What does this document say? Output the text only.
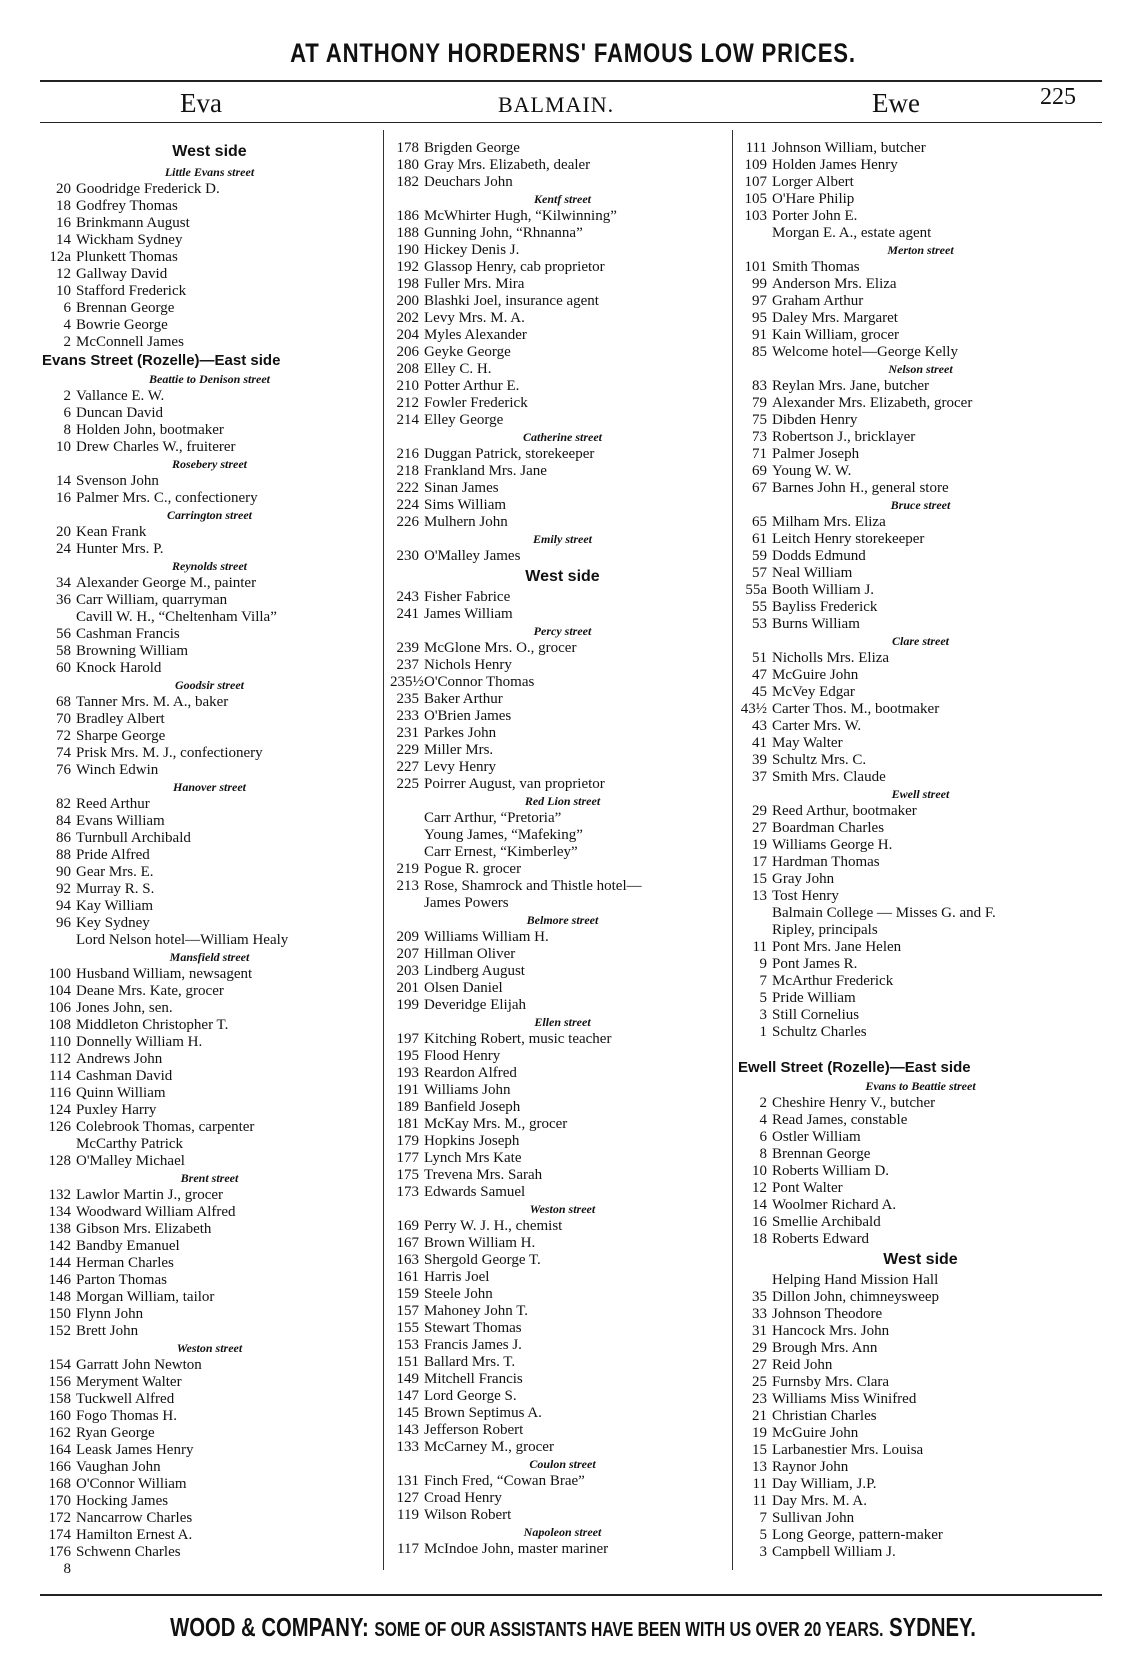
AT ANTHONY HORDERNS' FAMOUS LOW PRICES.
Eva	BALMAIN.	Ewe	225
West side
Little Evans street
20 Goodridge Frederick D.
18 Godfrey Thomas
16 Brinkmann August
14 Wickham Sydney
12a Plunkett Thomas
12 Gallway David
10 Stafford Frederick
6 Brennan George
4 Bowrie George
2 McConnell James
Evans Street (Rozelle)—East side
Beattie to Denison street
2 Vallance E. W.
6 Duncan David
8 Holden John, bootmaker
10 Drew Charles W., fruiterer
Rosebery street
14 Svenson John
16 Palmer Mrs. C., confectionery
Carrington street
20 Kean Frank
24 Hunter Mrs. P.
Reynolds street
34 Alexander George M., painter
36 Carr William, quarryman
Cavill W. H., “Cheltenham Villa”
56 Cashman Francis
58 Browning William
60 Knock Harold
Goodsir street
68 Tanner Mrs. M. A., baker
70 Bradley Albert
72 Sharpe George
74 Prisk Mrs. M. J., confectionery
76 Winch Edwin
Hanover street
82 Reed Arthur
84 Evans William
86 Turnbull Archibald
88 Pride Alfred
90 Gear Mrs. E.
92 Murray R. S.
94 Kay William
96 Key Sydney
Lord Nelson hotel—William Healy
Mansfield street
100 Husband William, newsagent
104 Deane Mrs. Kate, grocer
106 Jones John, sen.
108 Middleton Christopher T.
110 Donnelly William H.
112 Andrews John
114 Cashman David
116 Quinn William
124 Puxley Harry
126 Colebrook Thomas, carpenter
McCarthy Patrick
128 O'Malley Michael
Brent street
132 Lawlor Martin J., grocer
134 Woodward William Alfred
138 Gibson Mrs. Elizabeth
142 Bandby Emanuel
144 Herman Charles
146 Parton Thomas
148 Morgan William, tailor
150 Flynn John
152 Brett John
Weston street
154 Garratt John Newton
156 Meryment Walter
158 Tuckwell Alfred
160 Fogo Thomas H.
162 Ryan George
164 Leask James Henry
166 Vaughan John
168 O'Connor William
170 Hocking James
172 Nancarrow Charles
174 Hamilton Ernest A.
176 Schwenn Charles
8
178 Brigden George
180 Gray Mrs. Elizabeth, dealer
182 Deuchars John
Kentf street
186 McWhirter Hugh, “Kilwinning”
188 Gunning John, “Rhnanna”
190 Hickey Denis J.
192 Glassop Henry, cab proprietor
198 Fuller Mrs. Mira
200 Blashki Joel, insurance agent
202 Levy Mrs. M. A.
204 Myles Alexander
206 Geyke George
208 Elley C. H.
210 Potter Arthur E.
212 Fowler Frederick
214 Elley George
Catherine street
216 Duggan Patrick, storekeeper
218 Frankland Mrs. Jane
222 Sinan James
224 Sims William
226 Mulhern John
Emily street
230 O'Malley James
West side
243 Fisher Fabrice
241 James William
Percy street
239 McGlone Mrs. O., grocer
237 Nichols Henry
235½ O'Connor Thomas
235 Baker Arthur
233 O'Brien James
231 Parkes John
229 Miller Mrs.
227 Levy Henry
225 Poirrer August, van proprietor
Red Lion street
Carr Arthur, “Pretoria”
Young James, “Mafeking”
Carr Ernest, “Kimberley”
219 Pogue R. grocer
213 Rose, Shamrock and Thistle hotel—
James Powers
Belmore street
209 Williams William H.
207 Hillman Oliver
203 Lindberg August
201 Olsen Daniel
199 Deveridge Elijah
Ellen street
197 Kitching Robert, music teacher
195 Flood Henry
193 Reardon Alfred
191 Williams John
189 Banfield Joseph
181 McKay Mrs. M., grocer
179 Hopkins Joseph
177 Lynch Mrs Kate
175 Trevena Mrs. Sarah
173 Edwards Samuel
Weston street
169 Perry W. J. H., chemist
167 Brown William H.
163 Shergold George T.
161 Harris Joel
159 Steele John
157 Mahoney John T.
155 Stewart Thomas
153 Francis James J.
151 Ballard Mrs. T.
149 Mitchell Francis
147 Lord George S.
145 Brown Septimus A.
143 Jefferson Robert
133 McCarney M., grocer
Coulon street
131 Finch Fred, “Cowan Brae”
127 Croad Henry
119 Wilson Robert
Napoleon street
117 McIndoe John, master mariner
111 Johnson William, butcher
109 Holden James Henry
107 Lorger Albert
105 O'Hare Philip
103 Porter John E.
Morgan E. A., estate agent
Merton street
101 Smith Thomas
99 Anderson Mrs. Eliza
97 Graham Arthur
95 Daley Mrs. Margaret
91 Kain William, grocer
85 Welcome hotel—George Kelly
Nelson street
83 Reylan Mrs. Jane, butcher
79 Alexander Mrs. Elizabeth, grocer
75 Dibden Henry
73 Robertson J., bricklayer
71 Palmer Joseph
69 Young W. W.
67 Barnes John H., general store
Bruce street
65 Milham Mrs. Eliza
61 Leitch Henry storekeeper
59 Dodds Edmund
57 Neal William
55a Booth William J.
55 Bayliss Frederick
53 Burns William
Clare street
51 Nicholls Mrs. Eliza
47 McGuire John
45 McVey Edgar
43½ Carter Thos. M., bootmaker
43 Carter Mrs. W.
41 May Walter
39 Schultz Mrs. C.
37 Smith Mrs. Claude
Ewell street
29 Reed Arthur, bootmaker
27 Boardman Charles
19 Williams George H.
17 Hardman Thomas
15 Gray John
13 Tost Henry
Balmain College — Misses G. and F.
Ripley, principals
11 Pont Mrs. Jane Helen
9 Pont James R.
7 McArthur Frederick
5 Pride William
3 Still Cornelius
1 Schultz Charles
Ewell Street (Rozelle)—East side
Evans to Beattie street
2 Cheshire Henry V., butcher
4 Read James, constable
6 Ostler William
8 Brennan George
10 Roberts William D.
12 Pont Walter
14 Woolmer Richard A.
16 Smellie Archibald
18 Roberts Edward
West side
Helping Hand Mission Hall
35 Dillon John, chimneysweep
33 Johnson Theodore
31 Hancock Mrs. John
29 Brough Mrs. Ann
27 Reid John
25 Furnsby Mrs. Clara
23 Williams Miss Winifred
21 Christian Charles
19 McGuire John
15 Larbanestier Mrs. Louisa
13 Raynor John
11 Day William, J.P.
11 Day Mrs. M. A.
7 Sullivan John
5 Long George, pattern-maker
3 Campbell William J.
WOOD & COMPANY: SOME OF OUR ASSISTANTS HAVE BEEN WITH US OVER 20 YEARS. SYDNEY.
